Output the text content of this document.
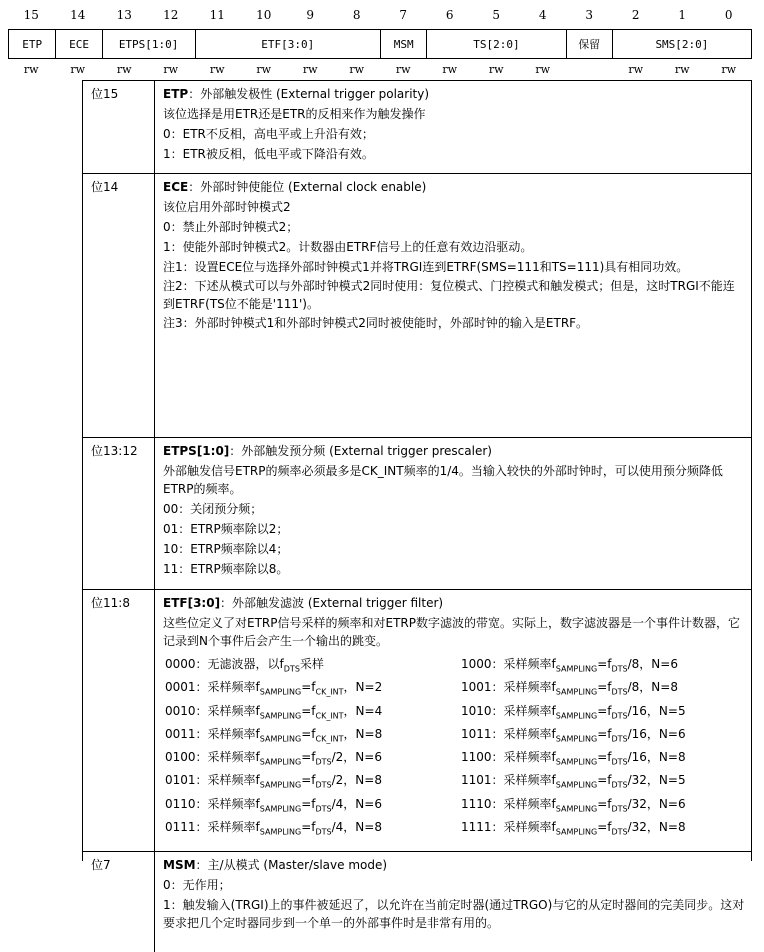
15	14	13	12	11	10	9	8	7	6	5	4	3	2	1	0
ETP	ECE	ETPS[1:0]	ETF[3:0]	MSM	TS[2:0]	保留	SMS[2:0]
rw	rw	rw	rw	rw	rw	rw	rw	rw	rw	rw	rw	rw	rw	rw
位15	ETP：外部触发极性 (External trigger polarity)
该位选择是用ETR还是ETR的反相来作为触发操作
0：ETR不反相，高电平或上升沿有效；
1：ETR被反相，低电平或下降沿有效。
位14	ECE：外部时钟使能位 (External clock enable)
该位启用外部时钟模式2
0：禁止外部时钟模式2；
1：使能外部时钟模式2。计数器由ETRF信号上的任意有效边沿驱动。
注1：设置ECE位与选择外部时钟模式1并将TRGI连到ETRF(SMS=111和TS=111)具有相同功效。
注2：下述从模式可以与外部时钟模式2同时使用：复位模式、门控模式和触发模式；但是，这时TRGI不能连到ETRF(TS位不能是'111')。
注3：外部时钟模式1和外部时钟模式2同时被使能时，外部时钟的输入是ETRF。
位13:12 ETPS[1:0]：外部触发预分频 (External trigger prescaler)
外部触发信号ETRP的频率必须最多是CK_INT频率的1/4。当输入较快的外部时钟时，可以使用预分频降低ETRP的频率。
00：关闭预分频；
01：ETRP频率除以2；
10：ETRP频率除以4；
11：ETRP频率除以8。
位11:8	ETF[3:0]：外部触发滤波 (External trigger filter)
这些位定义了对ETRP信号采样的频率和对ETRP数字滤波的带宽。实际上，数字滤波器是一个事件计数器，它记录到N个事件后会产生一个输出的跳变。
0000：无滤波器，以$f_{DTS}$采样	1000：采样频率$f_{SAMPLING}=f_{DTS}/8$，N=6
0001：采样频率$f_{SAMPLING}=f_{CK\_INT}$，N=2	1001：采样频率$f_{SAMPLING}=f_{DTS}/8$，N=8
0010：采样频率$f_{SAMPLING}=f_{CK\_INT}$，N=4	1010：采样频率$f_{SAMPLING}=f_{DTS}/16$，N=5
0011：采样频率$f_{SAMPLING}=f_{CK\_INT}$，N=8	1011：采样频率$f_{SAMPLING}=f_{DTS}/16$，N=6
0100：采样频率$f_{SAMPLING}=f_{DTS}/2$，N=6	1100：采样频率$f_{SAMPLING}=f_{DTS}/16$，N=8
0101：采样频率$f_{SAMPLING}=f_{DTS}/2$，N=8	1101：采样频率$f_{SAMPLING}=f_{DTS}/32$，N=5
0110：采样频率$f_{SAMPLING}=f_{DTS}/4$，N=6	1110：采样频率$f_{SAMPLING}=f_{DTS}/32$，N=6
0111：采样频率$f_{SAMPLING}=f_{DTS}/4$，N=8	1111：采样频率$f_{SAMPLING}=f_{DTS}/32$，N=8
位7	MSM：主/从模式 (Master/slave mode)
0：无作用；
1：触发输入(TRGI)上的事件被延迟了，以允许在当前定时器(通过TRGO)与它的从定时器间的完美同步。这对要求把几个定时器同步到一个单一的外部事件时是非常有用的。
